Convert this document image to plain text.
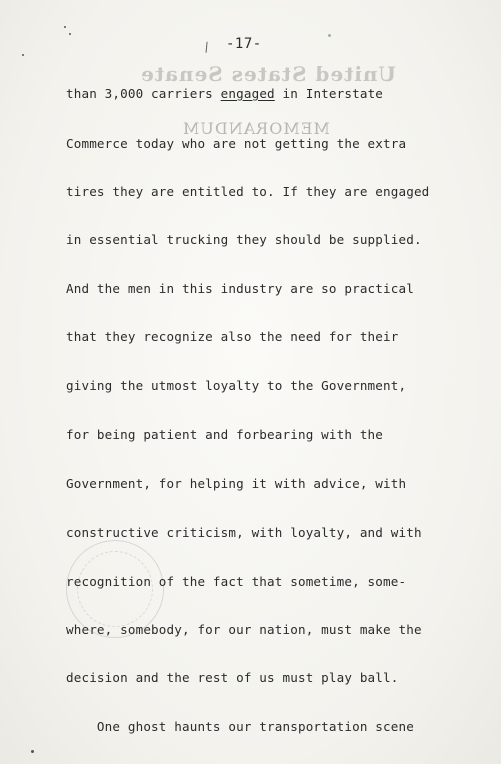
/ -17-
United States Senate
MEMORANDUM
than 3,000 carriers engaged in Interstate
Commerce today who are not getting the extra
tires they are entitled to. If they are engaged
in essential trucking they should be supplied.
And the men in this industry are so practical
that they recognize also the need for their
giving the utmost loyalty to the Government,
for being patient and forbearing with the
Government, for helping it with advice, with
constructive criticism, with loyalty, and with
recognition of the fact that sometime, some-
where, somebody, for our nation, must make the
decision and the rest of us must play ball.
One ghost haunts our transportation scene
